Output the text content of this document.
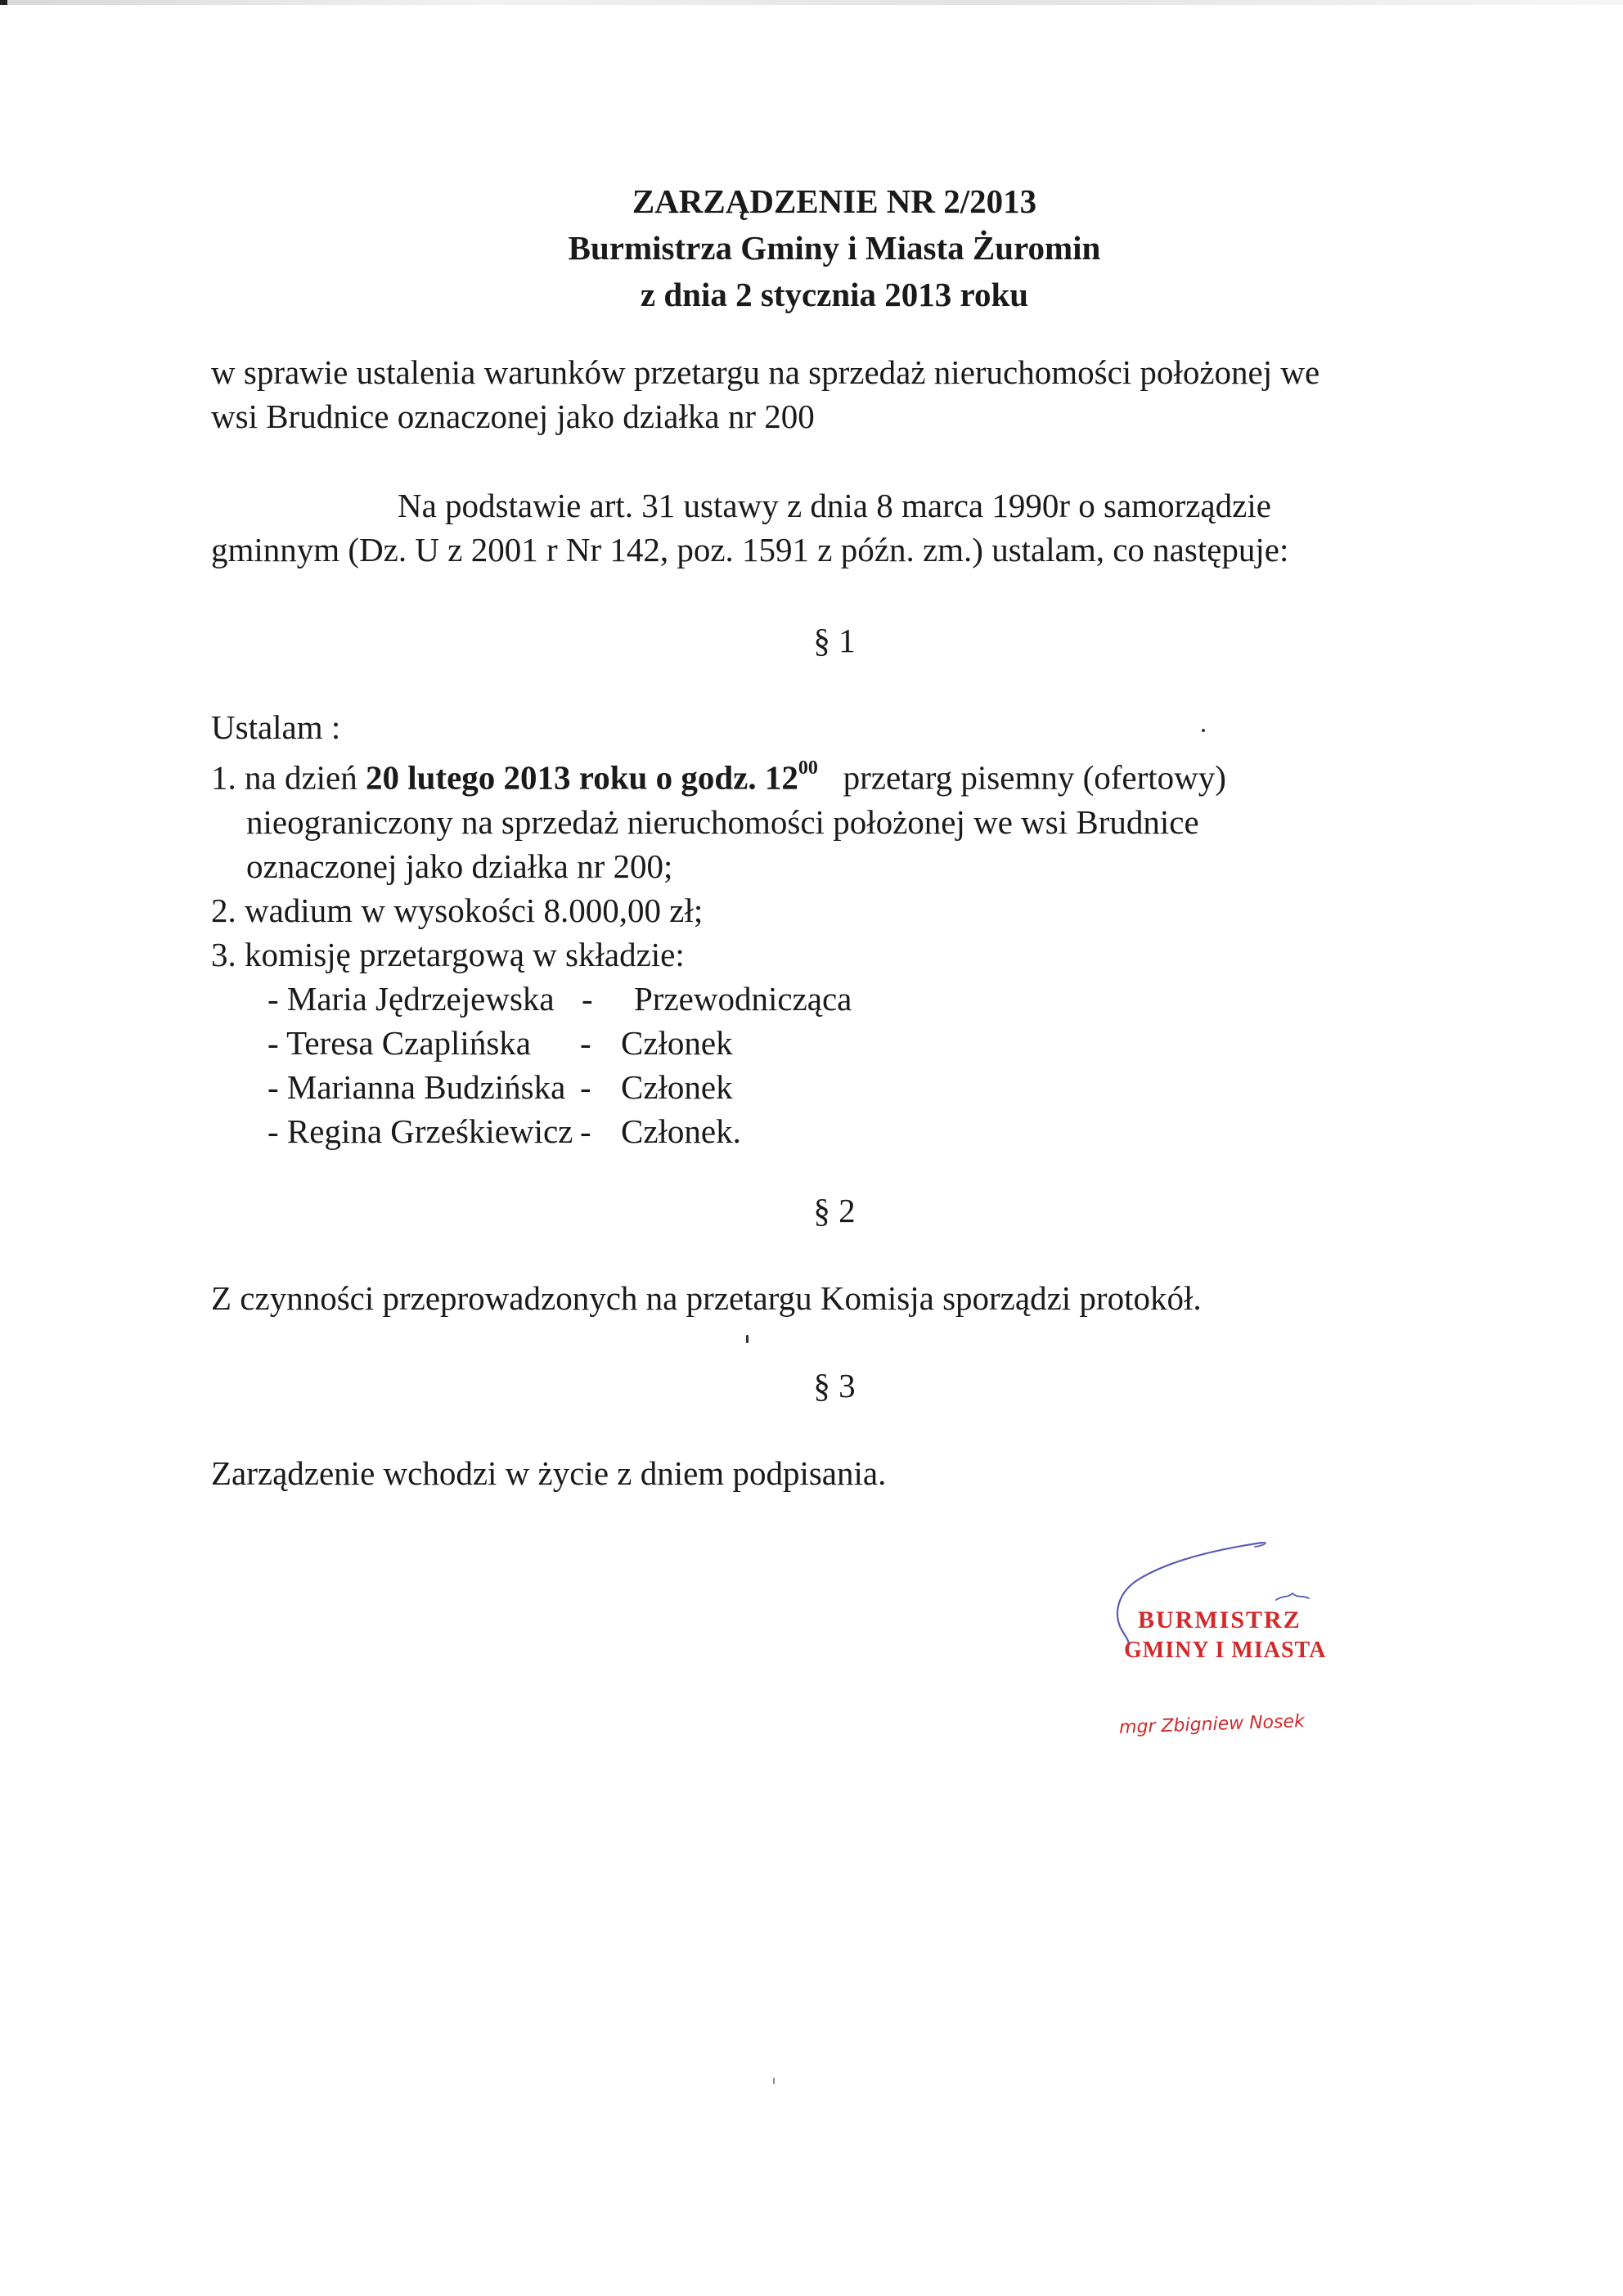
ZARZĄDZENIE NR 2/2013
Burmistrza Gminy i Miasta Żuromin
z dnia 2 stycznia 2013 roku
w sprawie ustalenia warunków przetargu na sprzedaż nieruchomości położonej we
wsi Brudnice oznaczonej jako działka nr 200
Na podstawie art. 31 ustawy z dnia 8 marca 1990r o samorządzie
gminnym (Dz. U z 2001 r Nr 142, poz. 1591 z późn. zm.) ustalam, co następuje:
§ 1
Ustalam :
1. na dzień 20 lutego 2013 roku o godz. $12^{00}$   przetarg pisemny (ofertowy)
nieograniczony na sprzedaż nieruchomości położonej we wsi Brudnice
oznaczonej jako działka nr 200;
2. wadium w wysokości 8.000,00 zł;
3. komisję przetargową w składzie:
- Maria Jędrzejewska -	Przewodnicząca
- Teresa Czaplińska	- Członek
- Marianna Budzińska - Członek
- Regina Grześkiewicz - Członek.
§ 2
Z czynności przeprowadzonych na przetargu Komisja sporządzi protokół.
§ 3
Zarządzenie wchodzi w życie z dniem podpisania.
BURMISTRZ
GMINY I MIASTA
mgr Zbigniew Nosek
